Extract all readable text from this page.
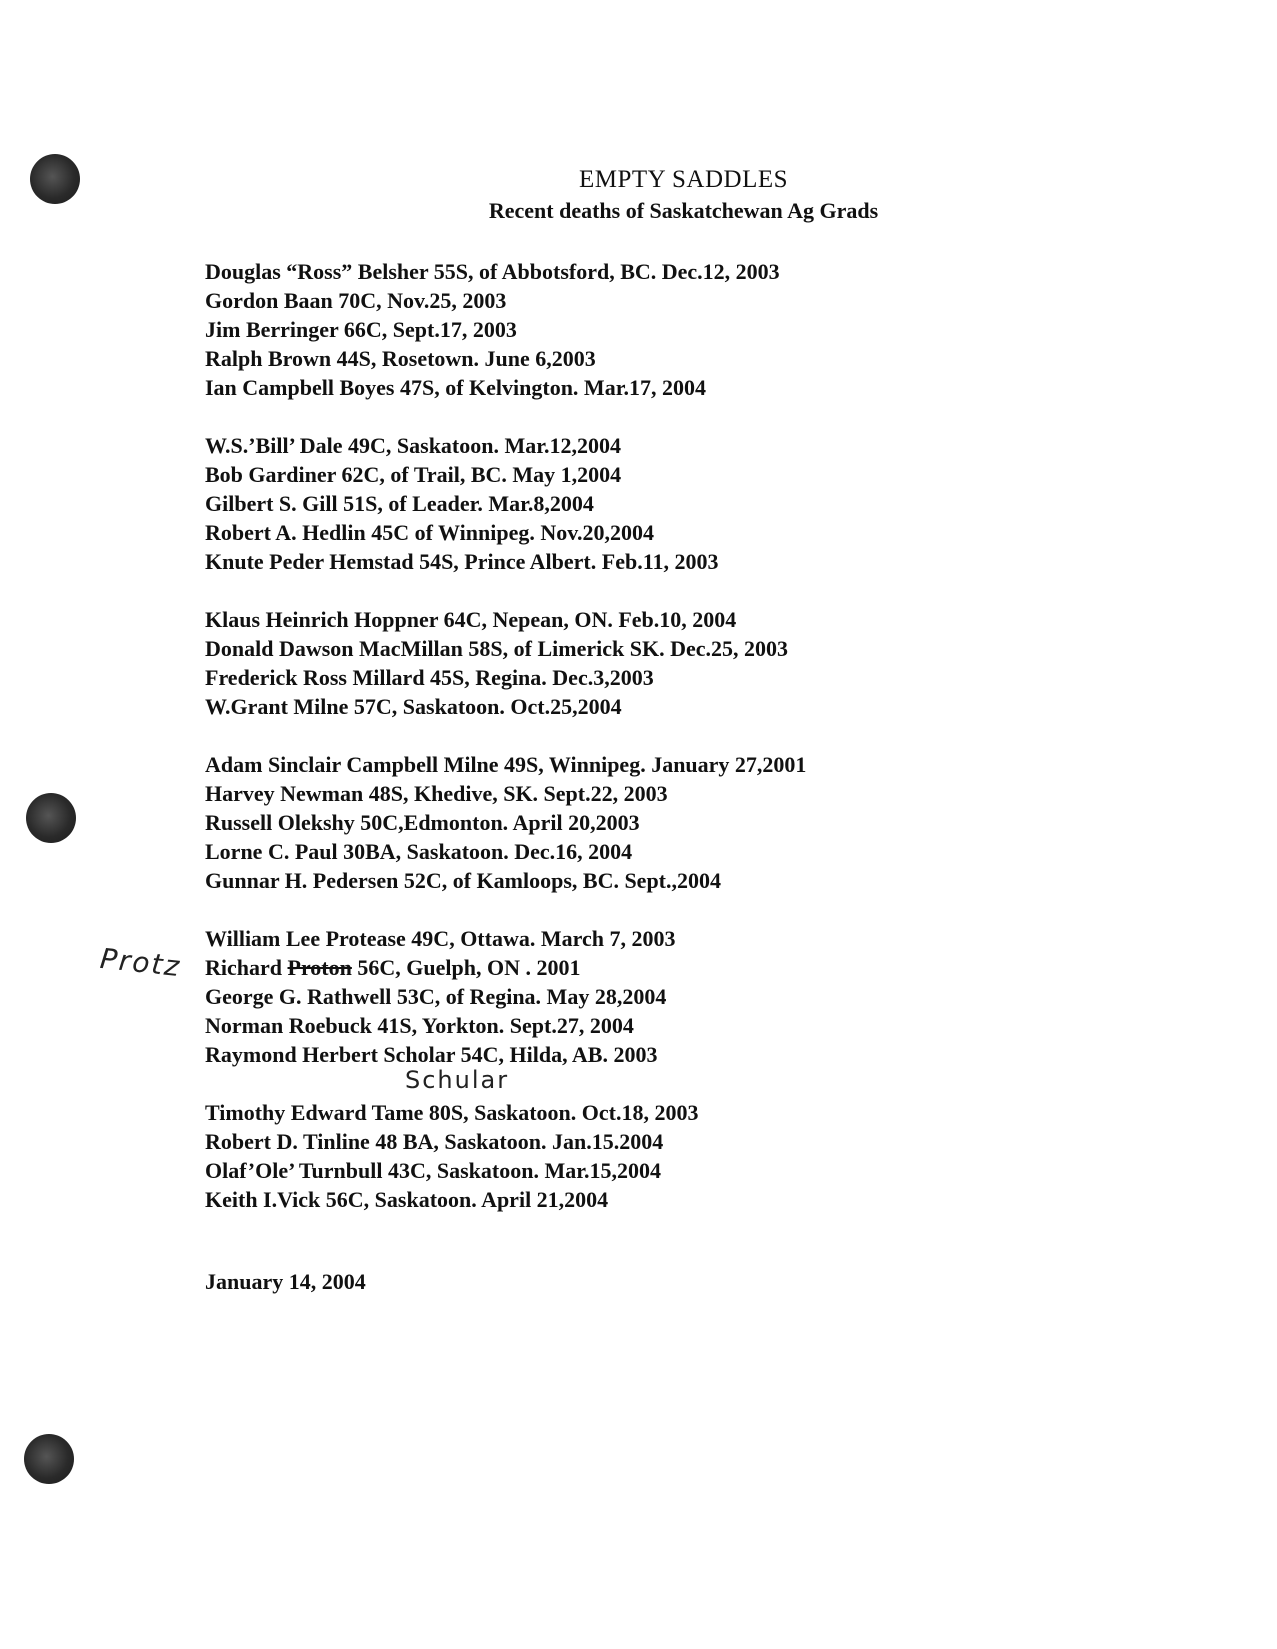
EMPTY SADDLES
Recent deaths of Saskatchewan Ag Grads
Douglas “Ross” Belsher 55S, of Abbotsford, BC. Dec.12, 2003
Gordon Baan 70C, Nov.25, 2003
Jim Berringer 66C, Sept.17, 2003
Ralph Brown 44S, Rosetown. June 6,2003
Ian Campbell Boyes 47S, of Kelvington. Mar.17, 2004
W.S.’Bill’ Dale 49C, Saskatoon. Mar.12,2004
Bob Gardiner 62C, of Trail, BC. May 1,2004
Gilbert S. Gill 51S, of Leader. Mar.8,2004
Robert A. Hedlin 45C of Winnipeg. Nov.20,2004
Knute Peder Hemstad 54S, Prince Albert. Feb.11, 2003
Klaus Heinrich Hoppner 64C, Nepean, ON. Feb.10, 2004
Donald Dawson MacMillan 58S, of Limerick SK. Dec.25, 2003
Frederick Ross Millard 45S, Regina. Dec.3,2003
W.Grant Milne 57C, Saskatoon. Oct.25,2004
Adam Sinclair Campbell Milne 49S, Winnipeg. January 27,2001
Harvey Newman 48S, Khedive, SK. Sept.22, 2003
Russell Olekshy 50C,Edmonton. April 20,2003
Lorne C. Paul 30BA, Saskatoon. Dec.16, 2004
Gunnar H. Pedersen 52C, of Kamloops, BC. Sept.,2004
William Lee Protease 49C, Ottawa. March 7, 2003
Richard Proton 56C, Guelph, ON . 2001
George G. Rathwell 53C, of Regina. May 28,2004
Norman Roebuck 41S, Yorkton. Sept.27, 2004
Raymond Herbert Scholar 54C, Hilda, AB. 2003
Timothy Edward Tame 80S, Saskatoon. Oct.18, 2003
Robert D. Tinline 48 BA, Saskatoon. Jan.15.2004
Olaf’Ole’ Turnbull 43C, Saskatoon. Mar.15,2004
Keith I.Vick 56C, Saskatoon. April 21,2004
Protz
Schular
January 14, 2004
